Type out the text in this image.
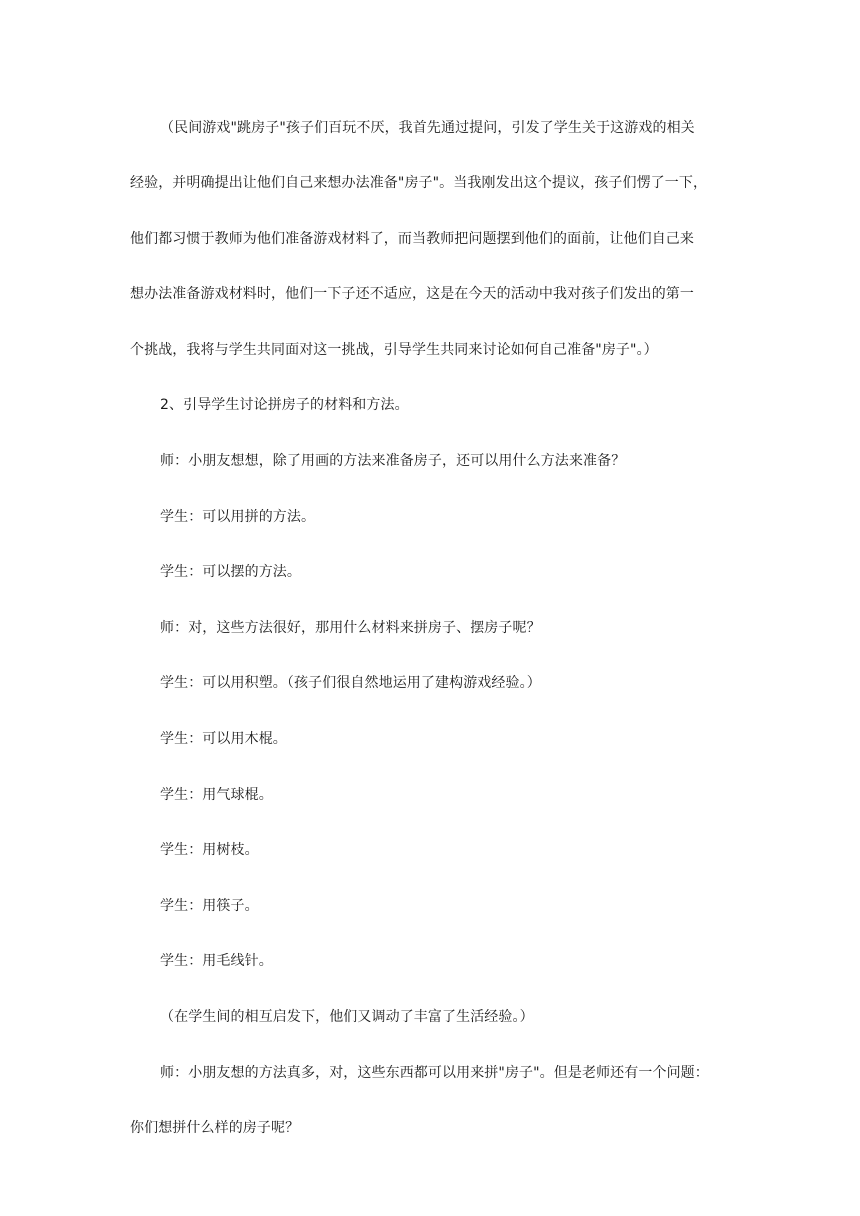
（民间游戏"跳房子"孩子们百玩不厌，我首先通过提问，引发了学生关于这游戏的相关
经验，并明确提出让他们自己来想办法准备"房子"。当我刚发出这个提议，孩子们愣了一下，
他们都习惯于教师为他们准备游戏材料了，而当教师把问题摆到他们的面前，让他们自己来
想办法准备游戏材料时，他们一下子还不适应，这是在今天的活动中我对孩子们发出的第一
个挑战，我将与学生共同面对这一挑战，引导学生共同来讨论如何自己准备"房子"。）
2、引导学生讨论拼房子的材料和方法。
师：小朋友想想，除了用画的方法来准备房子，还可以用什么方法来准备？
学生：可以用拼的方法。
学生：可以摆的方法。
师：对，这些方法很好，那用什么材料来拼房子、摆房子呢？
学生：可以用积塑。（孩子们很自然地运用了建构游戏经验。）
学生：可以用木棍。
学生：用气球棍。
学生：用树枝。
学生：用筷子。
学生：用毛线针。
（在学生间的相互启发下，他们又调动了丰富了生活经验。）
师：小朋友想的方法真多，对，这些东西都可以用来拼"房子"。但是老师还有一个问题：
你们想拼什么样的房子呢？
